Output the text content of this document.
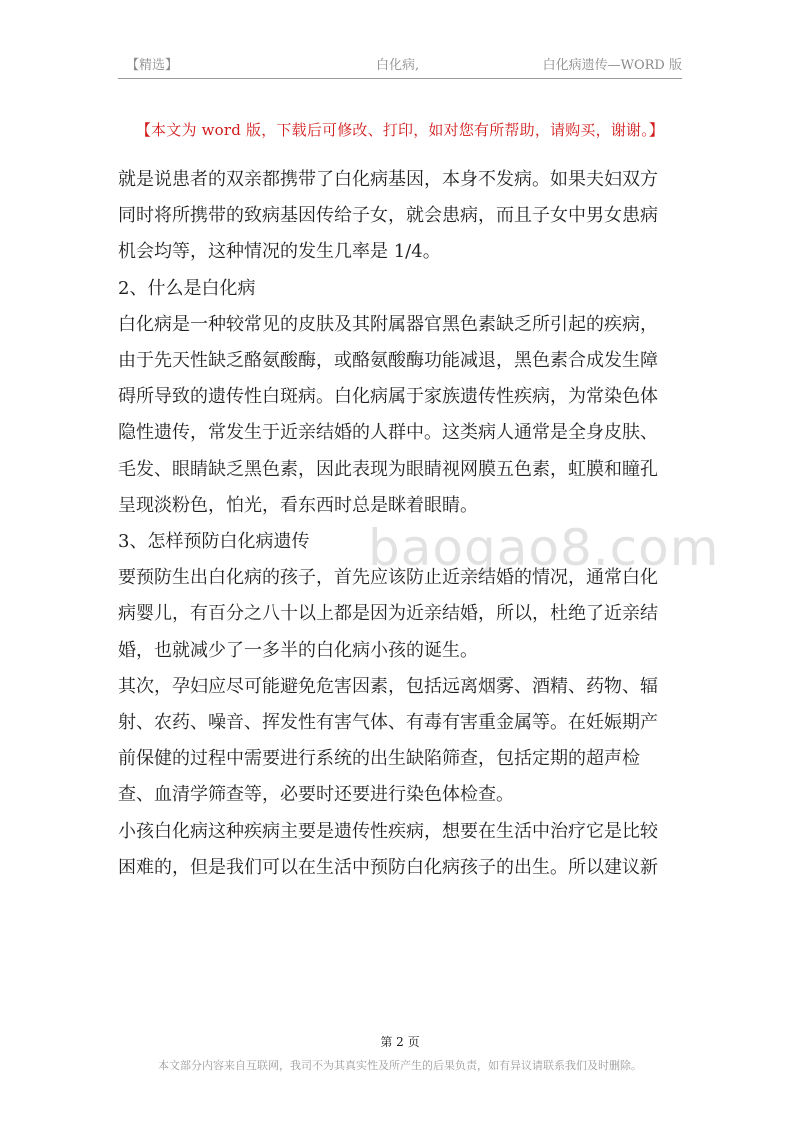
【精选】	白化病,	白化病遗传—WORD 版
【本文为 word 版，下载后可修改、打印，如对您有所帮助，请购买，谢谢。】

就是说患者的双亲都携带了白化病基因，本身不发病。如果夫妇双方
同时将所携带的致病基因传给子女，就会患病，而且子女中男女患病
机会均等，这种情况的发生几率是 1/4。

2、什么是白化病

白化病是一种较常见的皮肤及其附属器官黑色素缺乏所引起的疾病，
由于先天性缺乏酪氨酸酶，或酪氨酸酶功能减退，黑色素合成发生障
碍所导致的遗传性白斑病。白化病属于家族遗传性疾病，为常染色体
隐性遗传，常发生于近亲结婚的人群中。这类病人通常是全身皮肤、
毛发、眼睛缺乏黑色素，因此表现为眼睛视网膜五色素，虹膜和瞳孔
呈现淡粉色，怕光，看东西时总是眯着眼睛。

3、怎样预防白化病遗传

要预防生出白化病的孩子，首先应该防止近亲结婚的情况，通常白化
病婴儿，有百分之八十以上都是因为近亲结婚，所以，杜绝了近亲结
婚，也就减少了一多半的白化病小孩的诞生。

其次，孕妇应尽可能避免危害因素，包括远离烟雾、酒精、药物、辐
射、农药、噪音、挥发性有害气体、有毒有害重金属等。在妊娠期产
前保健的过程中需要进行系统的出生缺陷筛查，包括定期的超声检
查、血清学筛查等，必要时还要进行染色体检查。

小孩白化病这种疾病主要是遗传性疾病，想要在生活中治疗它是比较
困难的，但是我们可以在生活中预防白化病孩子的出生。所以建议新

baogao8.com
第 2 页
本文部分内容来自互联网，我司不为其真实性及所产生的后果负责，如有异议请联系我们及时删除。
